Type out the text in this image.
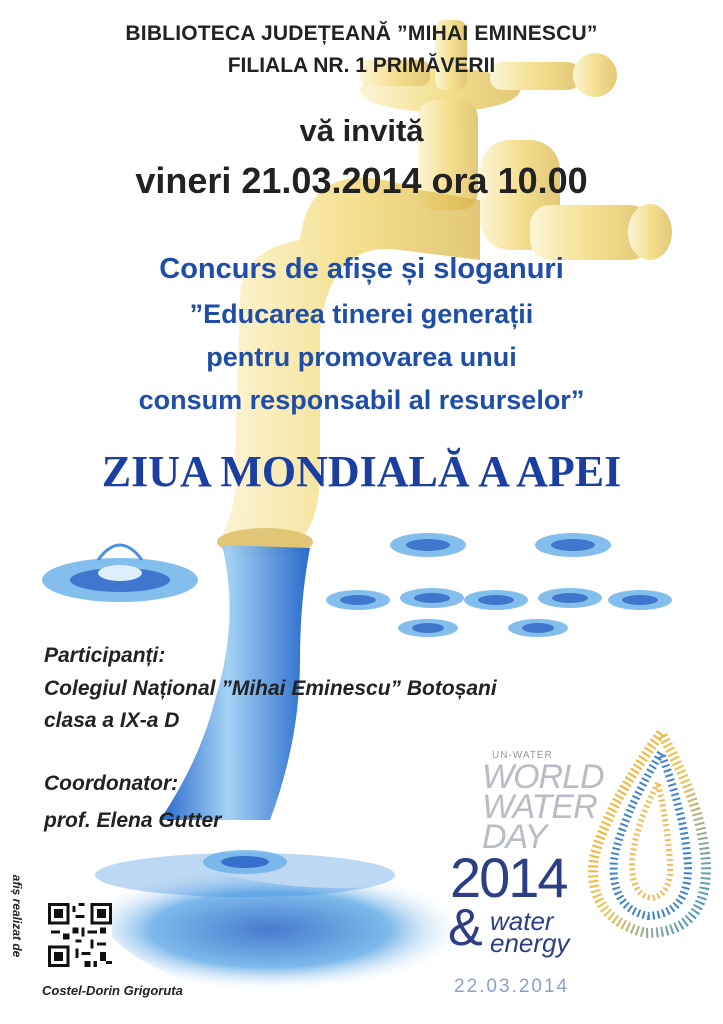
BIBLIOTECA JUDEȚEANĂ ”MIHAI EMINESCU”
FILIALA NR. 1 PRIMĂVERII
vă invită
vineri 21.03.2014 ora 10.00
Concurs de afișe și sloganuri
”Educarea tinerei generații
pentru promovarea unui
consum responsabil al resurselor”
ZIUA MONDIALĂ A APEI
Participanți:
Colegiul Național ”Mihai Eminescu” Botoșani
clasa a IX-a D
Coordonator:
prof. Elena Gutter
afiș realizat de
Costel-Dorin Grigoruta
UN-WATER
WORLD
WATER
DAY
2014
& water
energy
22.03.2014
